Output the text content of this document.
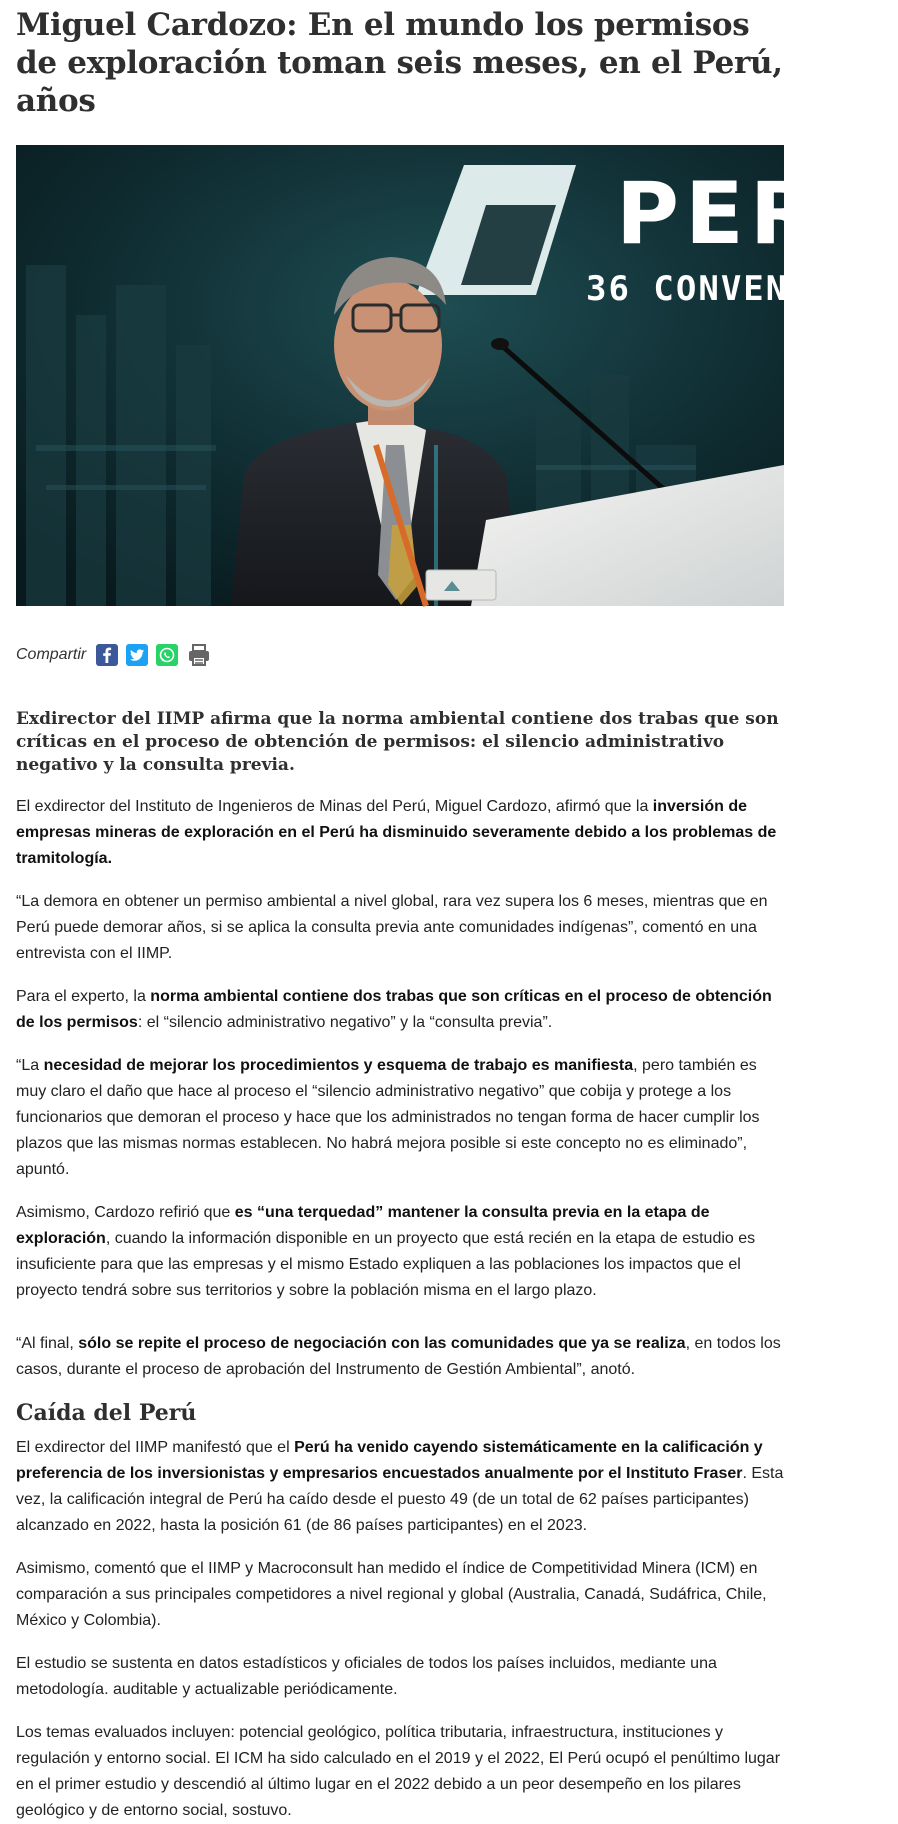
Miguel Cardozo: En el mundo los permisos de exploración toman seis meses, en el Perú, años
PERÚ
36 CONVENCIÓ
Compartir
Exdirector del IIMP afirma que la norma ambiental contiene dos trabas que son críticas en el proceso de obtención de permisos: el silencio administrativo negativo y la consulta previa.

El exdirector del Instituto de Ingenieros de Minas del Perú, Miguel Cardozo, afirmó que la inversión de empresas mineras de exploración en el Perú ha disminuido severamente debido a los problemas de tramitología.

“La demora en obtener un permiso ambiental a nivel global, rara vez supera los 6 meses, mientras que en Perú puede demorar años, si se aplica la consulta previa ante comunidades indígenas”, comentó en una entrevista con el IIMP.

Para el experto, la norma ambiental contiene dos trabas que son críticas en el proceso de obtención de los permisos: el “silencio administrativo negativo” y la “consulta previa”.

“La necesidad de mejorar los procedimientos y esquema de trabajo es manifiesta, pero también es muy claro el daño que hace al proceso el “silencio administrativo negativo” que cobija y protege a los funcionarios que demoran el proceso y hace que los administrados no tengan forma de hacer cumplir los plazos que las mismas normas establecen. No habrá mejora posible si este concepto no es eliminado”, apuntó.

Asimismo, Cardozo refirió que es “una terquedad” mantener la consulta previa en la etapa de exploración, cuando la información disponible en un proyecto que está recién en la etapa de estudio es insuficiente para que las empresas y el mismo Estado expliquen a las poblaciones los impactos que el proyecto tendrá sobre sus territorios y sobre la población misma en el largo plazo.

“Al final, sólo se repite el proceso de negociación con las comunidades que ya se realiza, en todos los casos, durante el proceso de aprobación del Instrumento de Gestión Ambiental”, anotó.

Caída del Perú

El exdirector del IIMP manifestó que el Perú ha venido cayendo sistemáticamente en la calificación y preferencia de los inversionistas y empresarios encuestados anualmente por el Instituto Fraser. Esta vez, la calificación integral de Perú ha caído desde el puesto 49 (de un total de 62 países participantes) alcanzado en 2022, hasta la posición 61 (de 86 países participantes) en el 2023.

Asimismo, comentó que el IIMP y Macroconsult han medido el índice de Competitividad Minera (ICM) en comparación a sus principales competidores a nivel regional y global (Australia, Canadá, Sudáfrica, Chile, México y Colombia).

El estudio se sustenta en datos estadísticos y oficiales de todos los países incluidos, mediante una metodología. auditable y actualizable periódicamente.

Los temas evaluados incluyen: potencial geológico, política tributaria, infraestructura, instituciones y regulación y entorno social. El ICM ha sido calculado en el 2019 y el 2022, El Perú ocupó el penúltimo lugar en el primer estudio y descendió al último lugar en el 2022 debido a un peor desempeño en los pilares geológico y de entorno social, sostuvo.
